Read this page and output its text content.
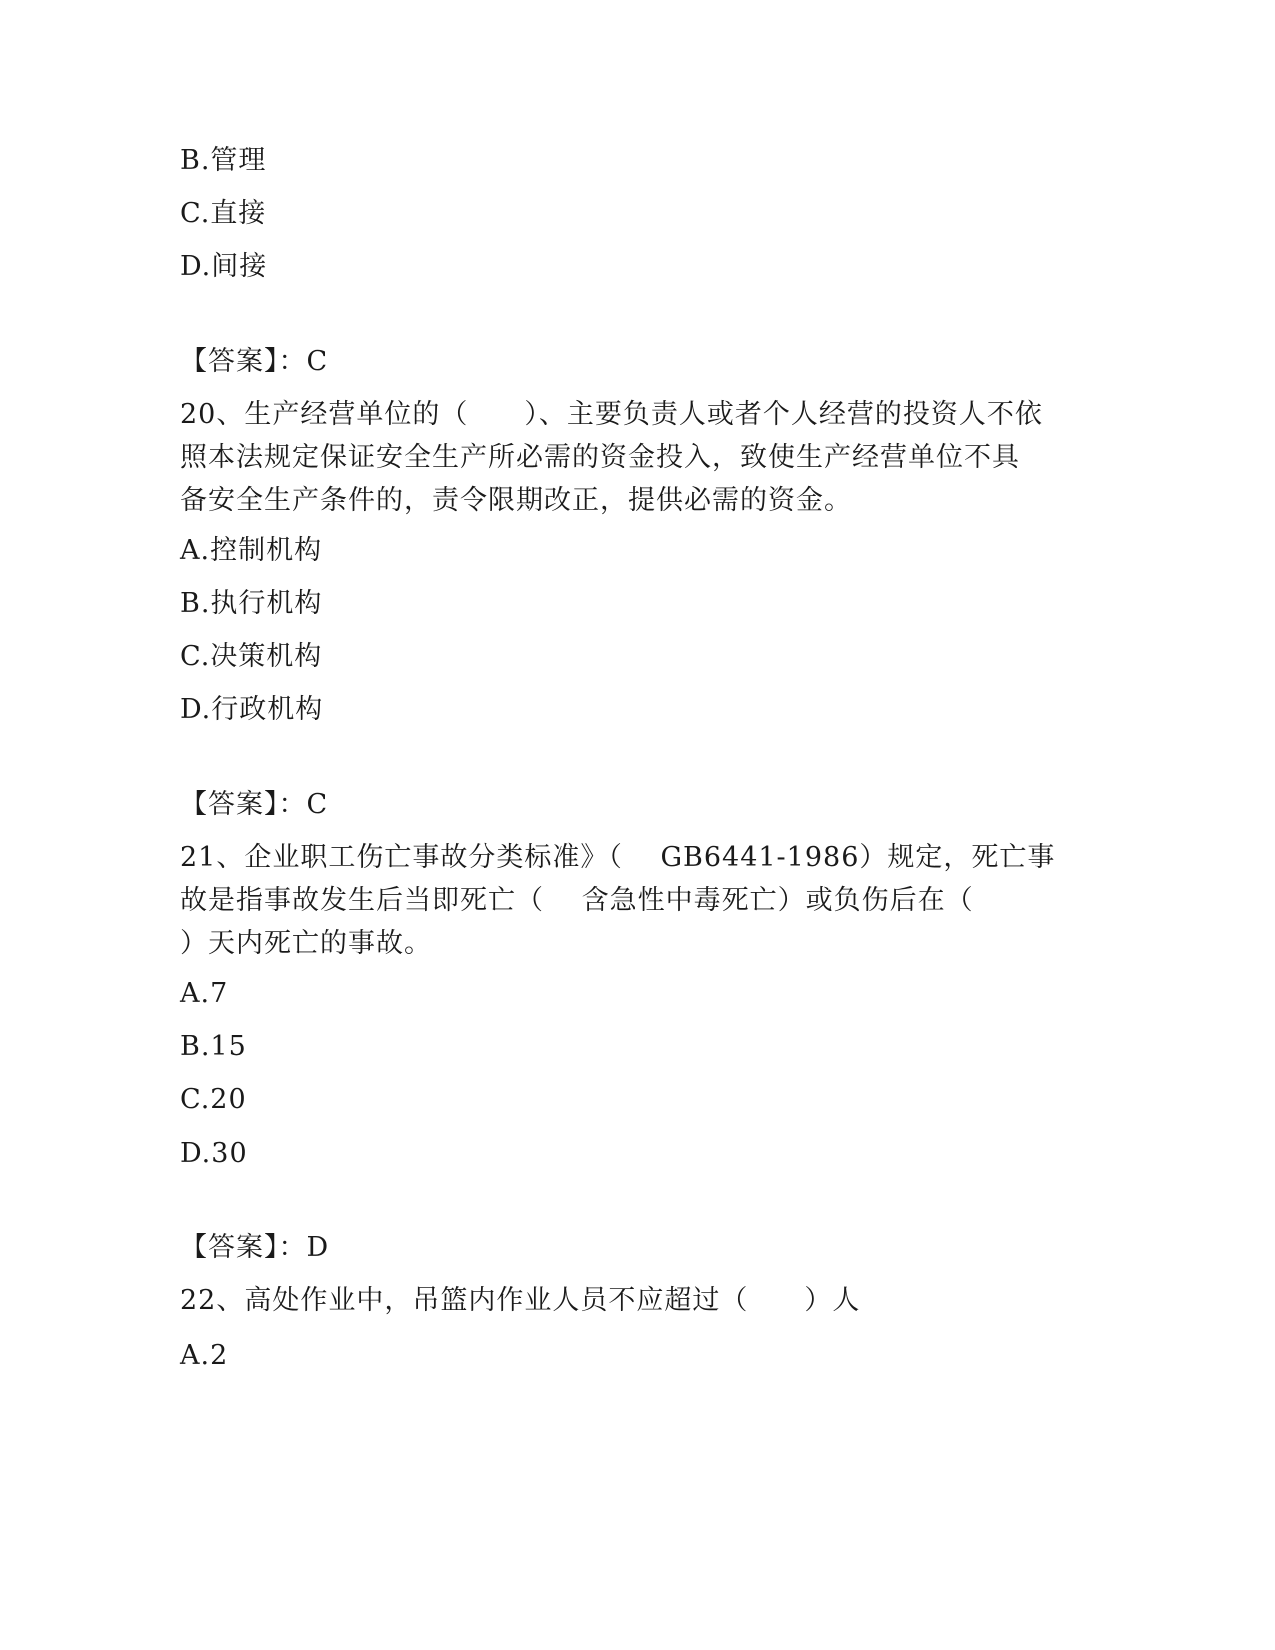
B.管理
C.直接
D.间接
【答案】：C
20、生产经营单位的（　　）、主要负责人或者个人经营的投资人不依
照本法规定保证安全生产所必需的资金投入，致使生产经营单位不具
备安全生产条件的，责令限期改正，提供必需的资金。
A.控制机构
B.执行机构
C.决策机构
D.行政机构
【答案】：C
21、企业职工伤亡事故分类标准》（　 GB6441-1986）规定，死亡事
故是指事故发生后当即死亡（　 含急性中毒死亡）或负伤后在（
）天内死亡的事故。
A.7
B.15
C.20
D.30
【答案】：D
22、高处作业中，吊篮内作业人员不应超过（　　）人
A.2
